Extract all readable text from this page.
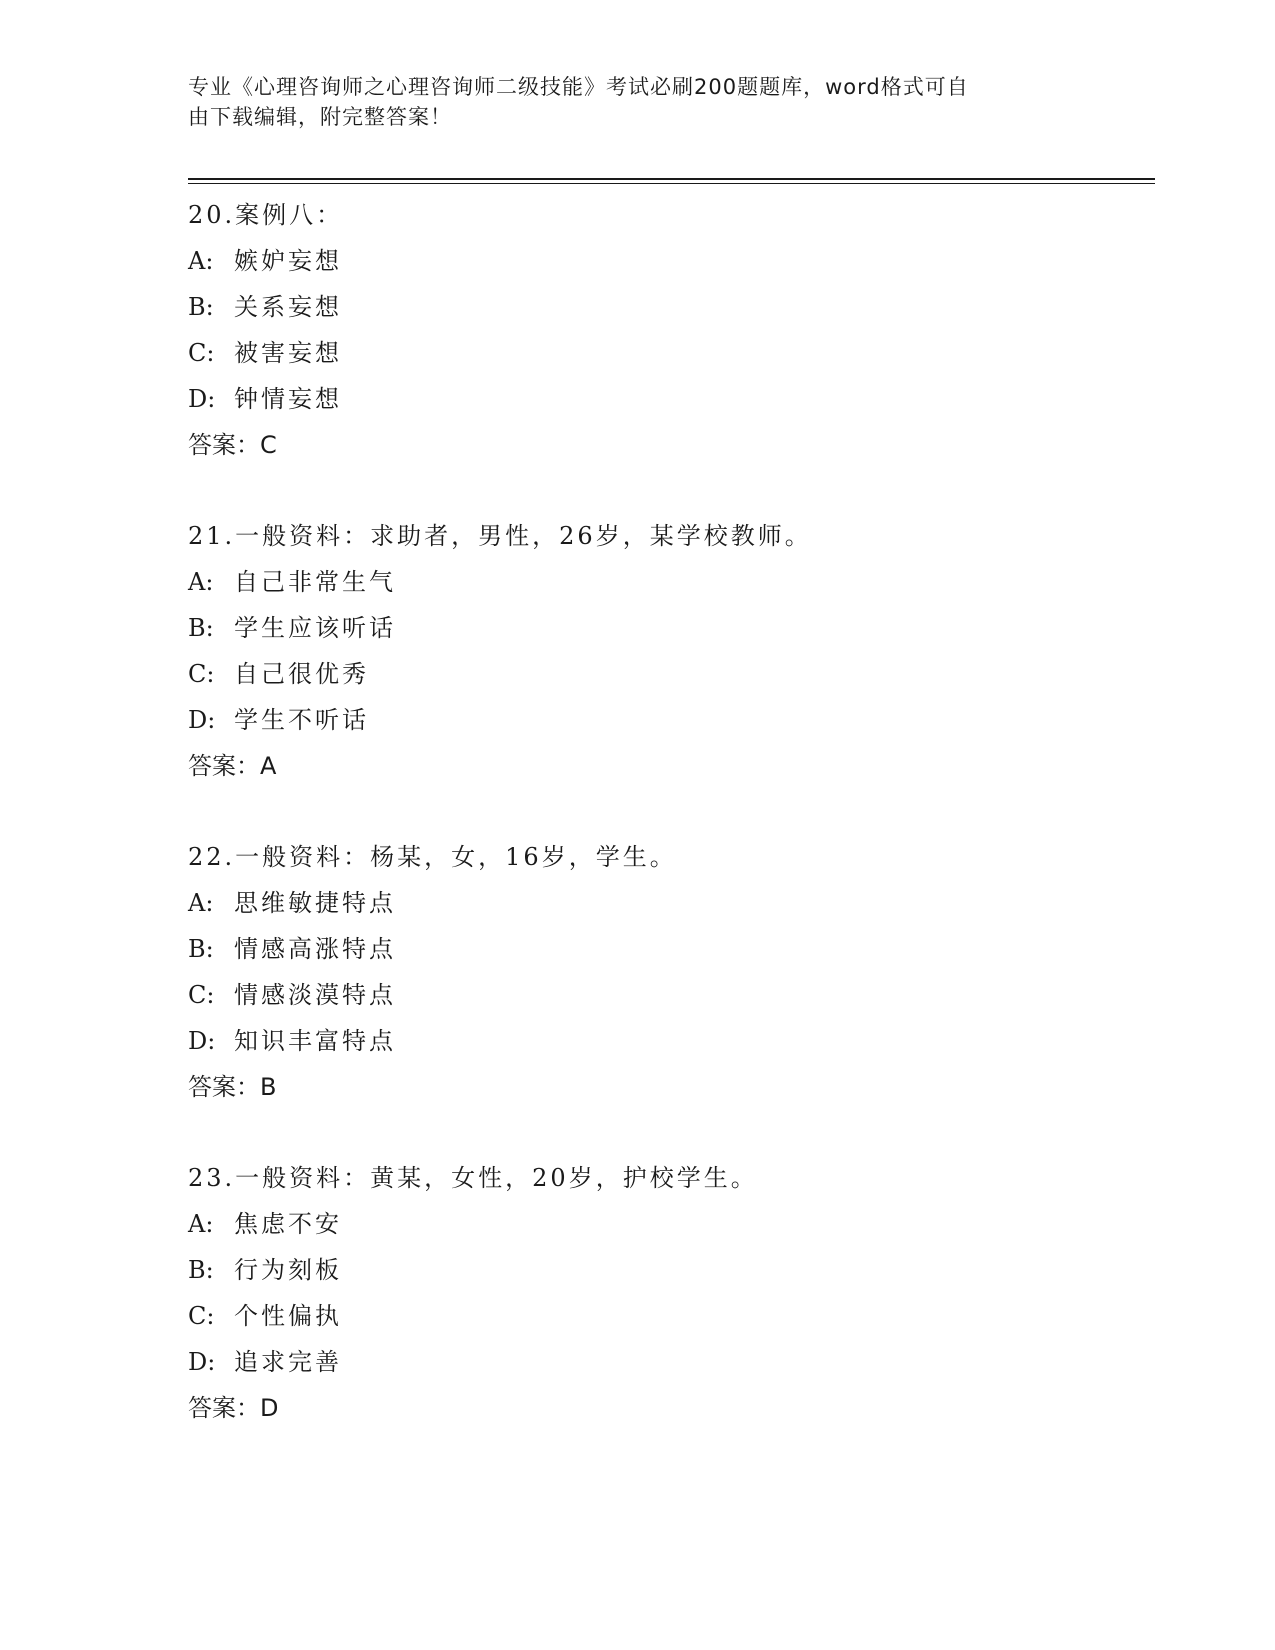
专业《心理咨询师之心理咨询师二级技能》考试必刷200题题库，word格式可自
由下载编辑，附完整答案！
20.案例八：
A: 嫉妒妄想
B: 关系妄想
C: 被害妄想
D: 钟情妄想
答案：C
21.一般资料：求助者，男性，26岁，某学校教师。
A: 自己非常生气
B: 学生应该听话
C: 自己很优秀
D: 学生不听话
答案：A
22.一般资料：杨某，女，16岁，学生。
A: 思维敏捷特点
B: 情感高涨特点
C: 情感淡漠特点
D: 知识丰富特点
答案：B
23.一般资料：黄某，女性，20岁，护校学生。
A: 焦虑不安
B: 行为刻板
C: 个性偏执
D: 追求完善
答案：D
